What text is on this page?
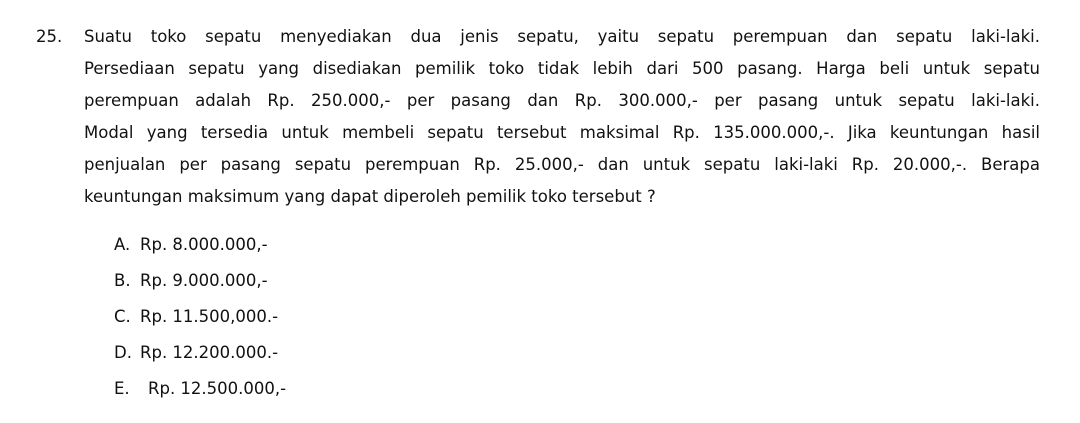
25. Suatu toko sepatu menyediakan dua jenis sepatu, yaitu sepatu perempuan dan sepatu laki-laki.
Persediaan sepatu yang disediakan pemilik toko tidak lebih dari 500 pasang. Harga beli untuk sepatu
perempuan adalah Rp. 250.000,- per pasang dan Rp. 300.000,- per pasang untuk sepatu laki-laki.
Modal yang tersedia untuk membeli sepatu tersebut maksimal Rp. 135.000.000,-. Jika keuntungan hasil
penjualan per pasang sepatu perempuan Rp. 25.000,- dan untuk sepatu laki-laki Rp. 20.000,-. Berapa
keuntungan maksimum yang dapat diperoleh pemilik toko tersebut ?
A. Rp. 8.000.000,-
B. Rp. 9.000.000,-
C. Rp. 11.500,000.-
D. Rp. 12.200.000.-
E. Rp. 12.500.000,-
